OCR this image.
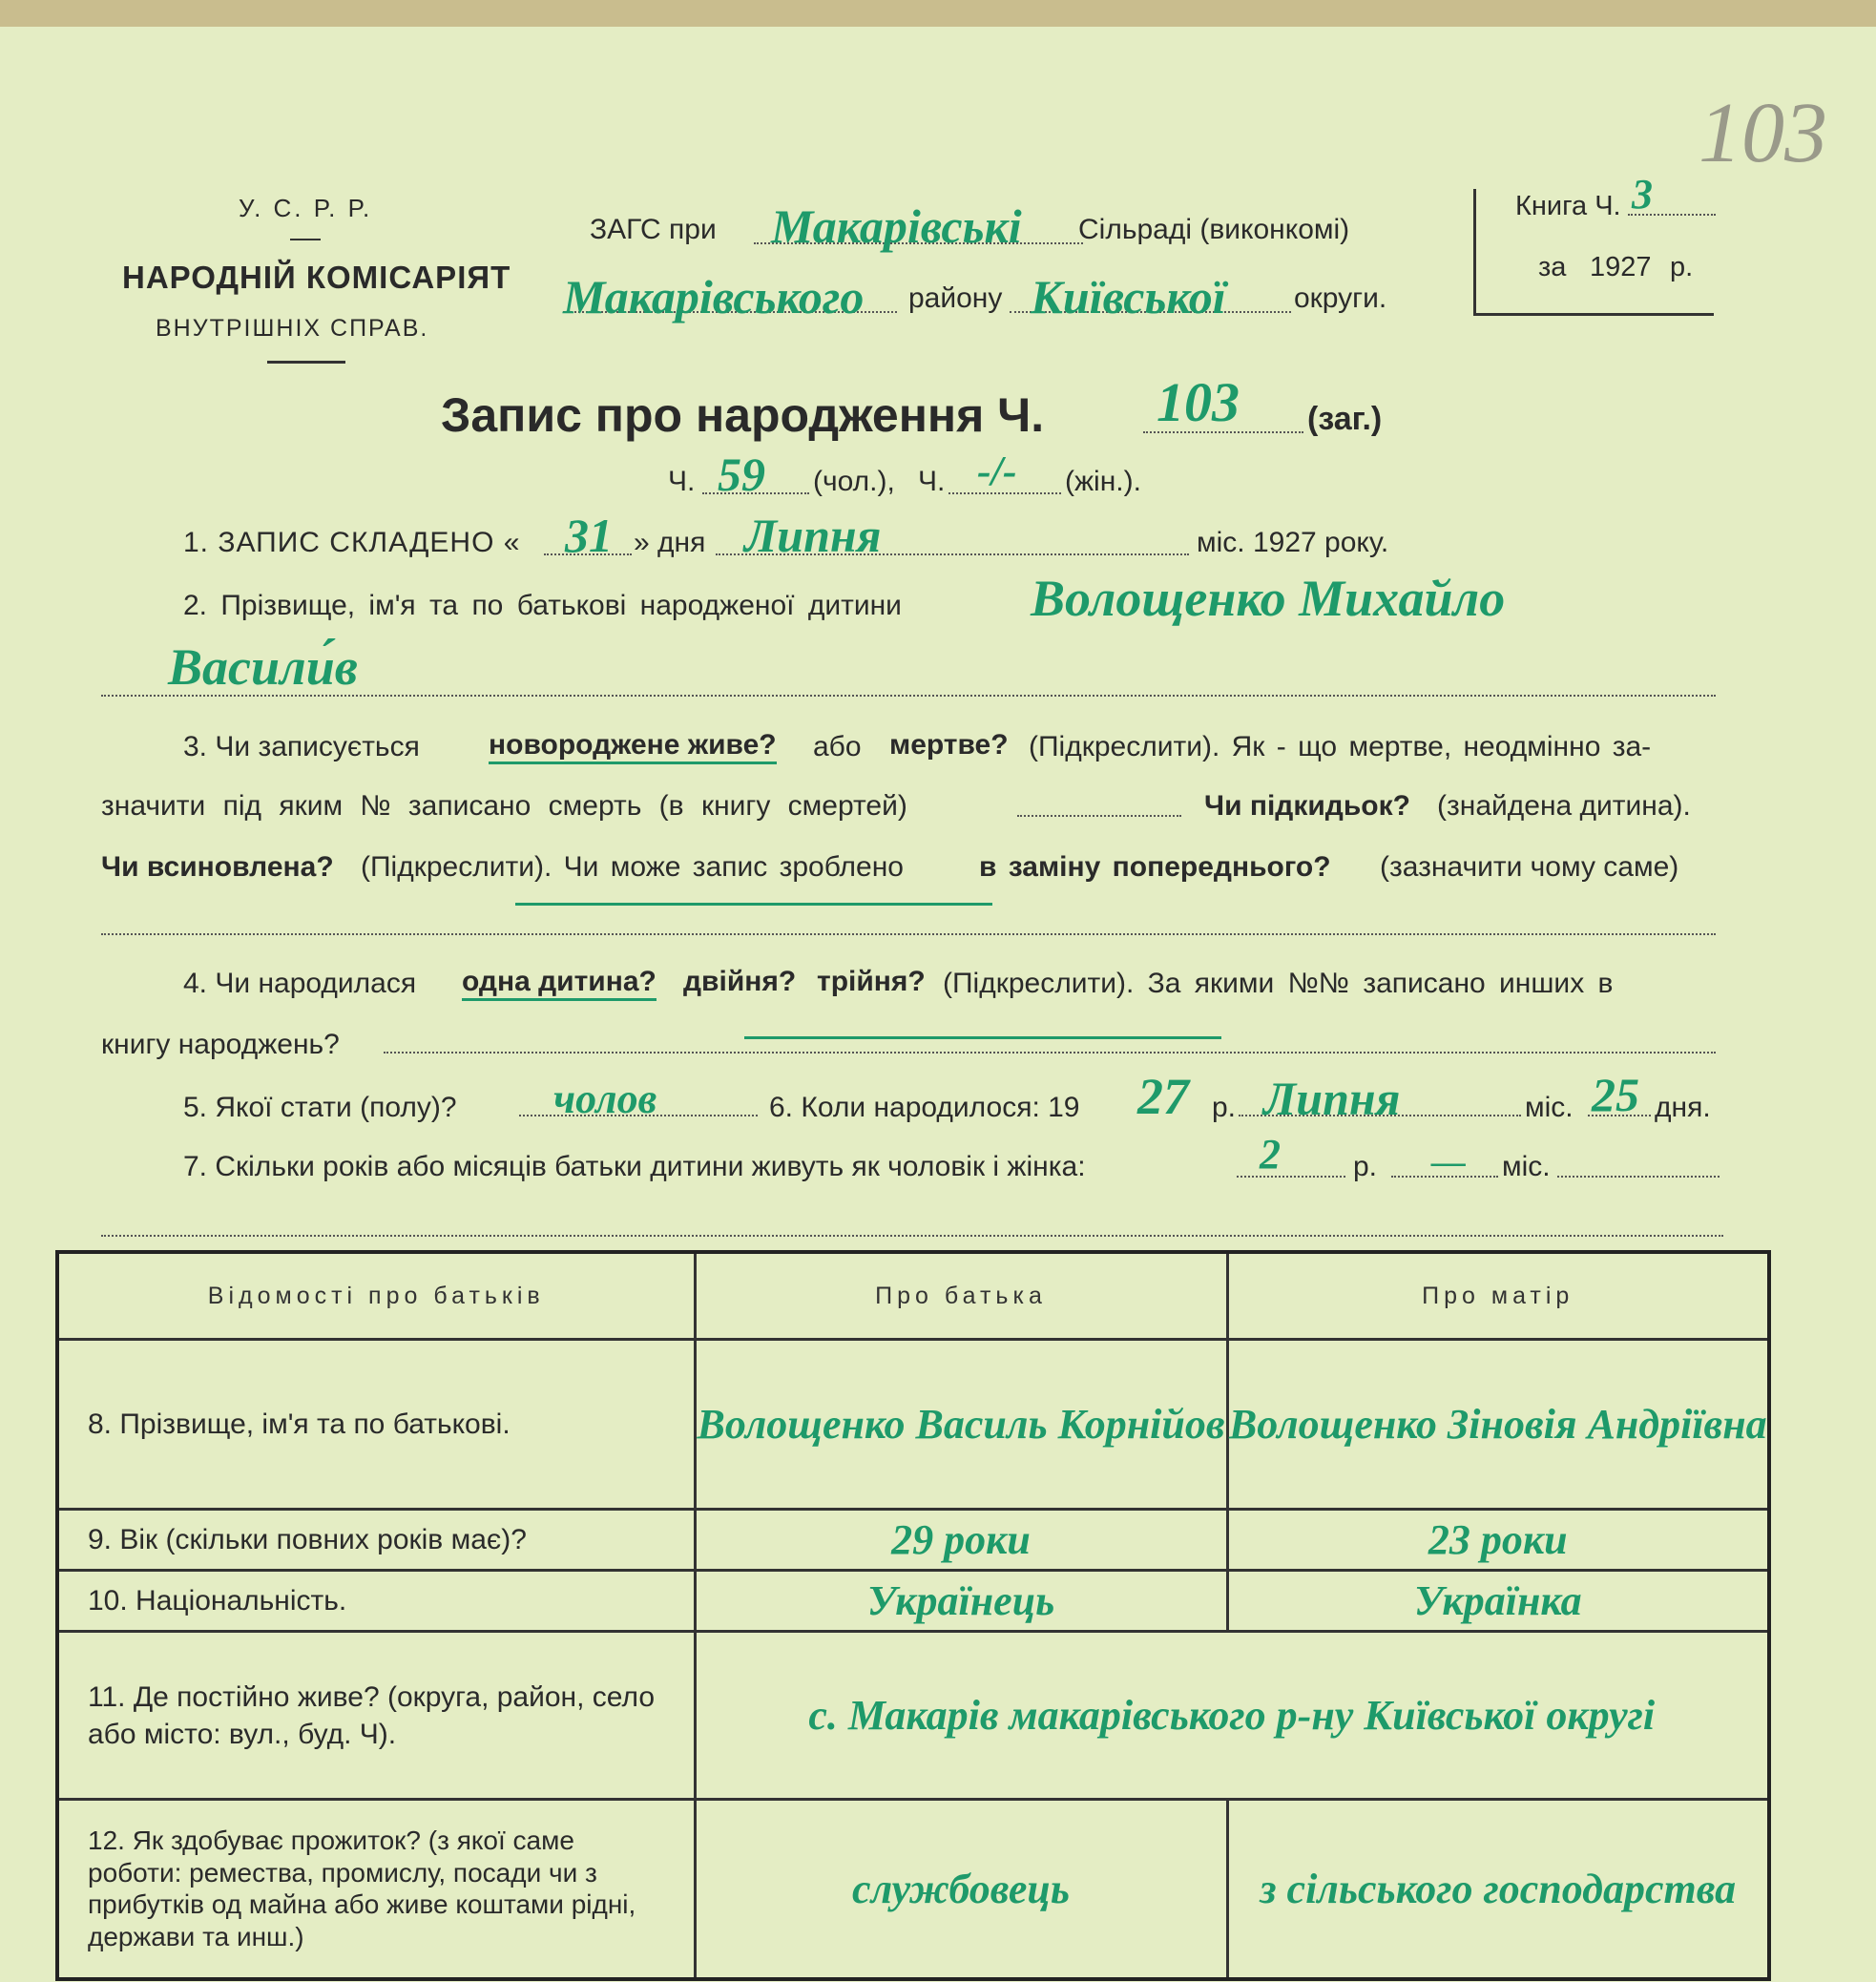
У. С. Р. Р.
НАРОДНІЙ КОМІСАРІЯТ
ВНУТРІШНІХ СПРАВ.
103
ЗАГС при Макарівські Сільраді (виконкомі)
Макарівського району Київської округи.
Книга Ч. 3
за 1927 р.
Запис про народження Ч. 103 (заг.)
Ч. 59 (чол.), Ч. -/- (жін.).
1. ЗАПИС СКЛАДЕНО « 31 » дня Липня	міс. 1927 року.
2. Прізвище, ім'я та по батькові народженої дитини	Волощенко Михайло
Васили́в
3. Чи записується новороджене живе? або мертве? (Підкреслити). Як - що мертве, неодмінно за-
значити під яким № записано смерть (в книгу смертей)	Чи підкидьок? (знайдена дитина).
Чи всиновлена? (Підкреслити). Чи може запис зроблено	в заміну попереднього? (зазначити чому саме)
4. Чи народилася одна дитина? двійня? трійня? (Підкреслити). За якими №№ записано инших в
книгу народжень?
5. Якої стати (полу)? чолов	6. Коли народилося: 19 27 р. Липня	міс. 25 дня.
7. Скільки років або місяців батьки дитини живуть як чоловік і жінка:	2	р. — міс.
Відомості про батьків	Про батька	Про матір
8. Прізвище, ім'я та по батькові.	Волощенко Василь Корнійов	Волощенко Зіновія Андріївна
9. Вік (скільки повних років має)?	29 роки	23 роки
10. Національність.	Українець	Українка
11. Де постійно живе? (округа, район, село або місто: вул., буд. Ч).	с. Макарів макарівського р-ну Київської округі	
12. Як здобуває прожиток? (з якої саме роботи: ремества, промислу, посади чи з прибутків од майна або живе коштами рідні, держави та инш.)	службовець	з сільського господарства
